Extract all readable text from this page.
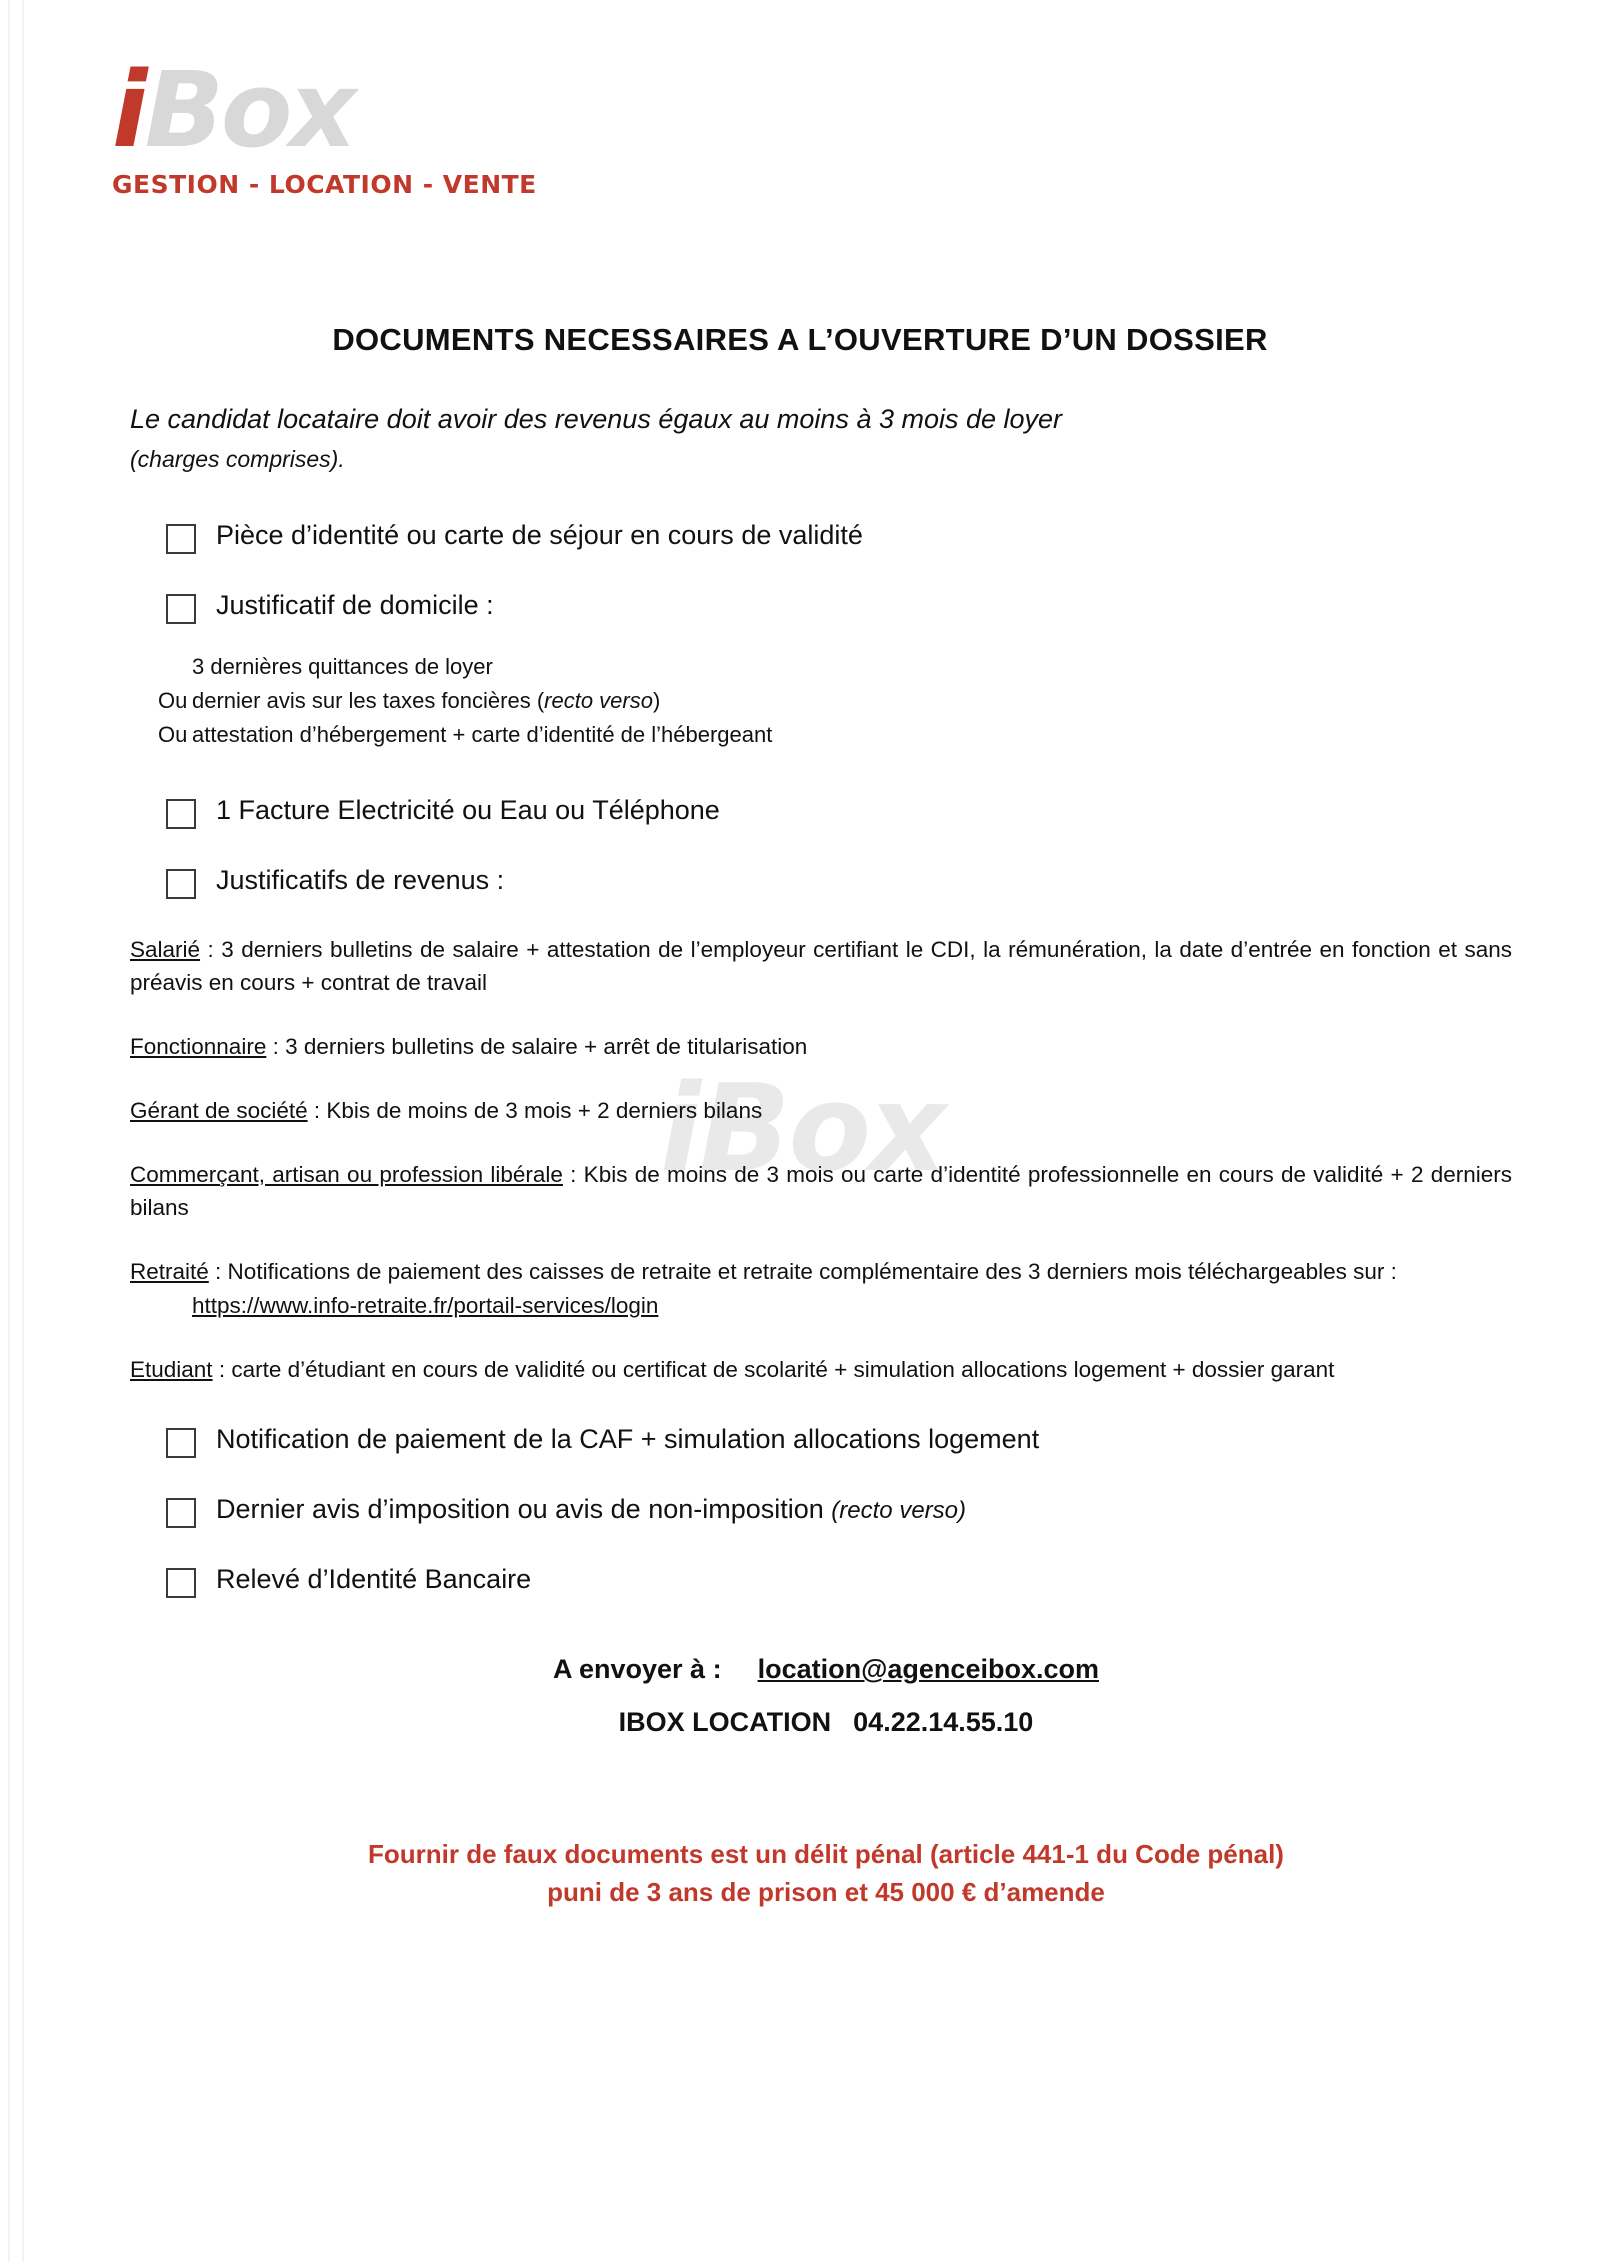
iBox
iBox
GESTION - LOCATION - VENTE
DOCUMENTS NECESSAIRES A L’OUVERTURE D’UN DOSSIER

Le candidat locataire doit avoir des revenus égaux au moins à 3 mois de loyer
(charges comprises).

Pièce d’identité ou carte de séjour en cours de validité
Justificatif de domicile :
3 dernières quittances de loyer
Ou dernier avis sur les taxes foncières (recto verso)
Ou attestation d’hébergement + carte d’identité de l’hébergeant
1 Facture Electricité ou Eau ou Téléphone
Justificatifs de revenus :

Salarié : 3 derniers bulletins de salaire + attestation de l’employeur certifiant le CDI, la rémunération, la date d’entrée en fonction et sans préavis en cours + contrat de travail

Fonctionnaire : 3 derniers bulletins de salaire + arrêt de titularisation

Gérant de société : Kbis de moins de 3 mois + 2 derniers bilans

Commerçant, artisan ou profession libérale : Kbis de moins de 3 mois ou carte d’identité professionnelle en cours de validité + 2 derniers bilans

Retraité : Notifications de paiement des caisses de retraite et retraite complémentaire des 3 derniers mois téléchargeables sur :
https://www.info-retraite.fr/portail-services/login

Etudiant : carte d’étudiant en cours de validité ou certificat de scolarité + simulation allocations logement + dossier garant

Notification de paiement de la CAF + simulation allocations logement
Dernier avis d’imposition ou avis de non-imposition (recto verso)
Relevé d’Identité Bancaire
A envoyer à : location@agenceibox.com
IBOX LOCATION 04.22.14.55.10
Fournir de faux documents est un délit pénal (article 441-1 du Code pénal)
puni de 3 ans de prison et 45 000 € d’amende
